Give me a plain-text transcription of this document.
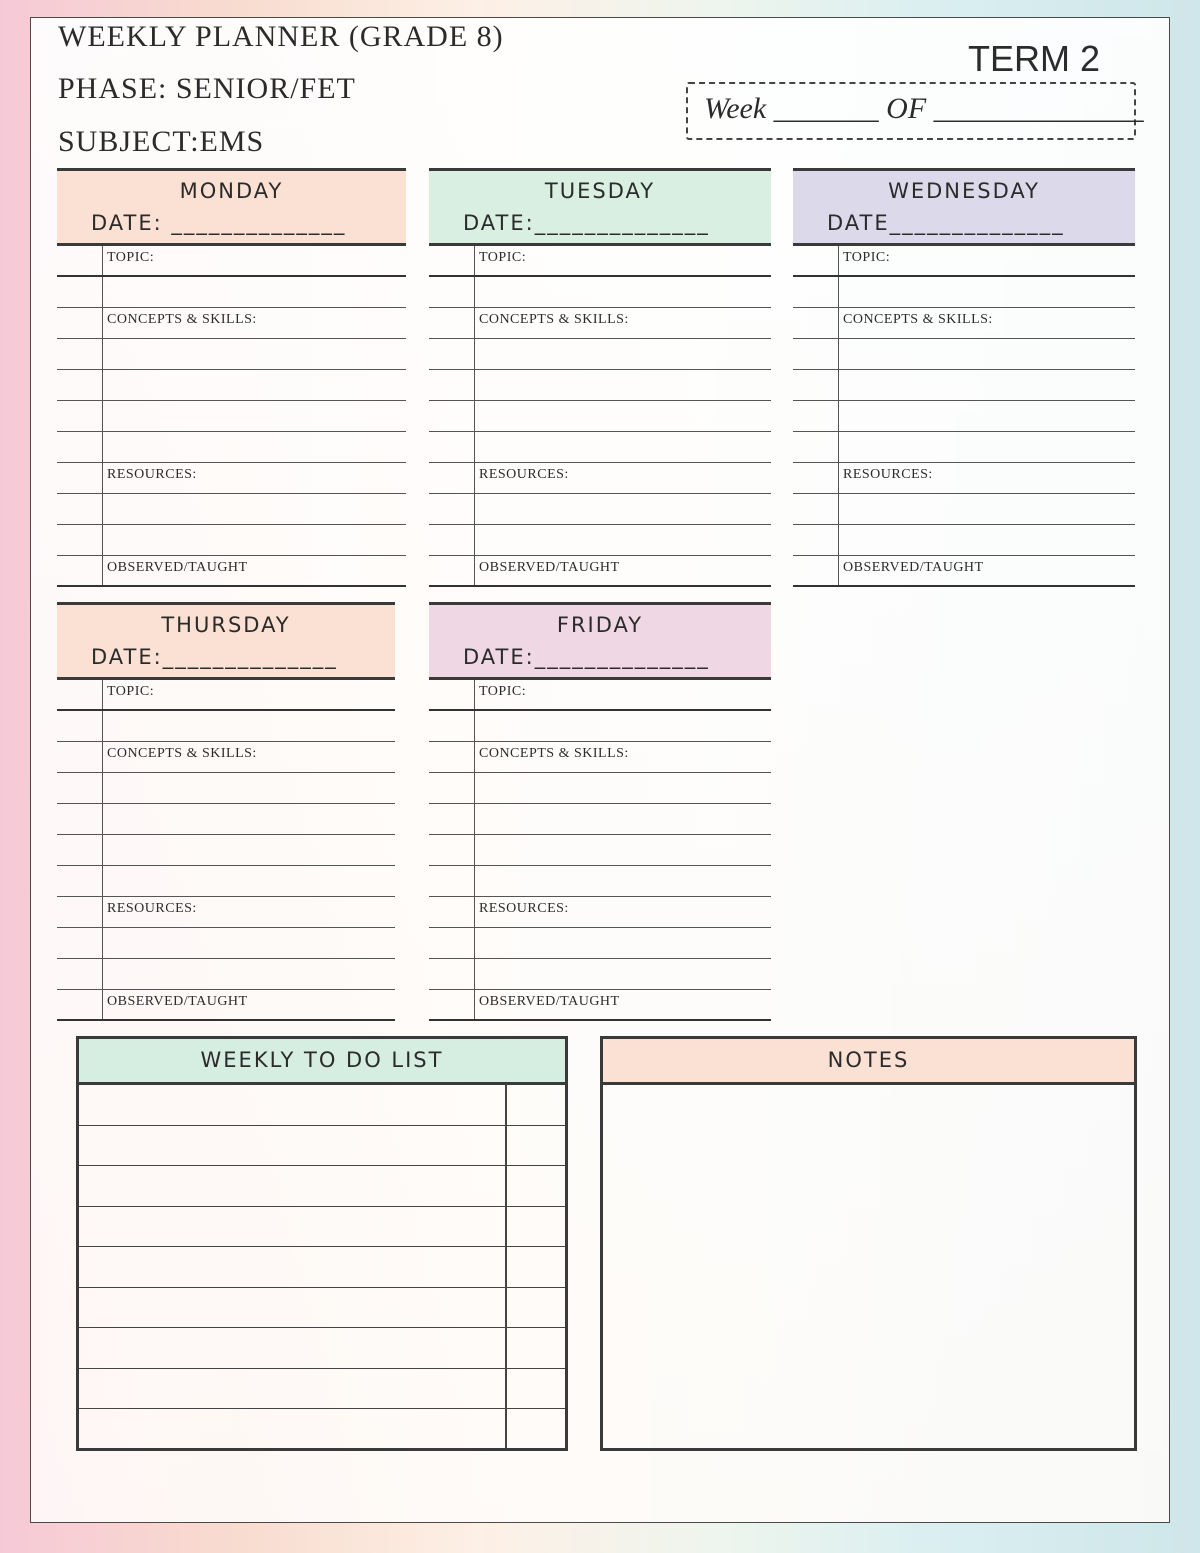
WEEKLY PLANNER (GRADE 8)
PHASE: SENIOR/FET
SUBJECT:EMS
TERM 2
Week _______ OF ______________
MONDAY
DATE: ______________
TOPIC:
CONCEPTS & SKILLS:
RESOURCES:
OBSERVED/TAUGHT
TUESDAY
DATE:______________
TOPIC:
CONCEPTS & SKILLS:
RESOURCES:
OBSERVED/TAUGHT
WEDNESDAY
DATE______________
TOPIC:
CONCEPTS & SKILLS:
RESOURCES:
OBSERVED/TAUGHT
THURSDAY
DATE:______________
TOPIC:
CONCEPTS & SKILLS:
RESOURCES:
OBSERVED/TAUGHT
FRIDAY
DATE:______________
TOPIC:
CONCEPTS & SKILLS:
RESOURCES:
OBSERVED/TAUGHT
WEEKLY TO DO LIST	NOTES
